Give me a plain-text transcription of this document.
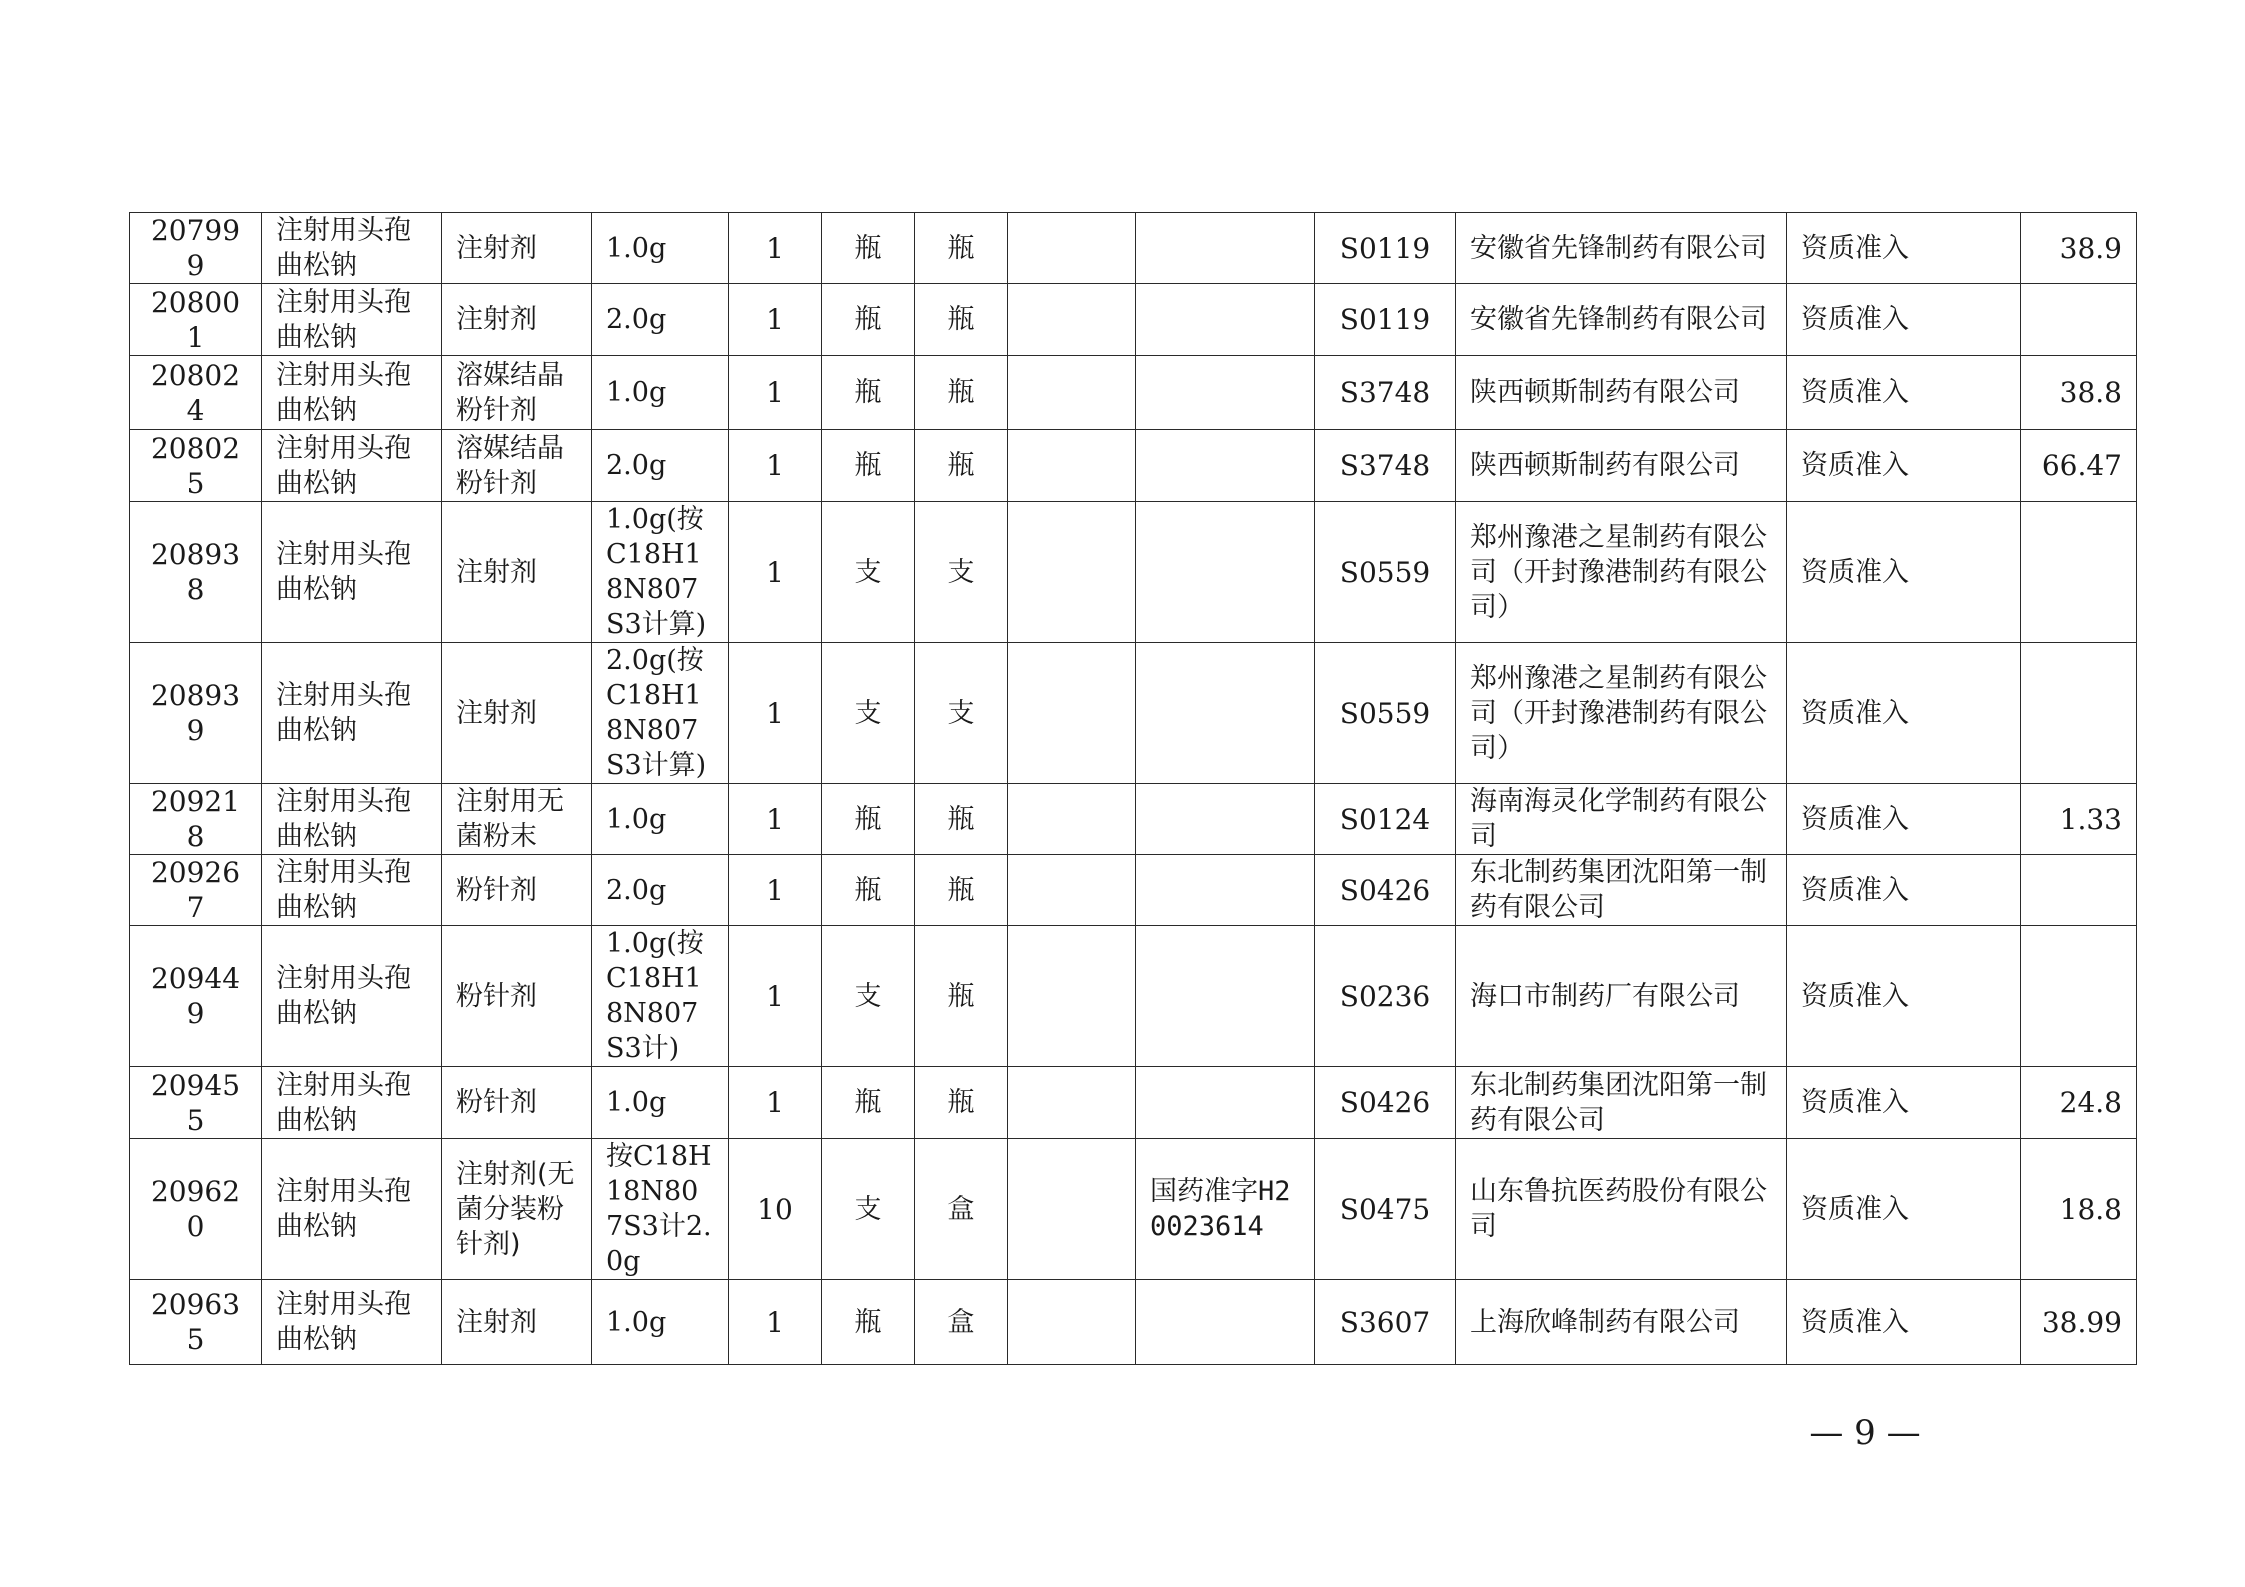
207999	注射用头孢曲松钠	注射剂	1.0g	1	瓶	瓶			S0119	安徽省先锋制药有限公司	资质准入	38.9
208001	注射用头孢曲松钠	注射剂	2.0g	1	瓶	瓶			S0119	安徽省先锋制药有限公司	资质准入	
208024	注射用头孢曲松钠	溶媒结晶粉针剂	1.0g	1	瓶	瓶			S3748	陕西顿斯制药有限公司	资质准入	38.8
208025	注射用头孢曲松钠	溶媒结晶粉针剂	2.0g	1	瓶	瓶			S3748	陕西顿斯制药有限公司	资质准入	66.47
208938	注射用头孢曲松钠	注射剂	1.0g(按C18H18N807S3计算)	1	支	支			S0559	郑州豫港之星制药有限公司（开封豫港制药有限公司）	资质准入	
208939	注射用头孢曲松钠	注射剂	2.0g(按C18H18N807S3计算)	1	支	支			S0559	郑州豫港之星制药有限公司（开封豫港制药有限公司）	资质准入	
209218	注射用头孢曲松钠	注射用无菌粉末	1.0g	1	瓶	瓶			S0124	海南海灵化学制药有限公司	资质准入	1.33
209267	注射用头孢曲松钠	粉针剂	2.0g	1	瓶	瓶			S0426	东北制药集团沈阳第一制药有限公司	资质准入	
209449	注射用头孢曲松钠	粉针剂	1.0g(按C18H18N807S3计)	1	支	瓶			S0236	海口市制药厂有限公司	资质准入	
209455	注射用头孢曲松钠	粉针剂	1.0g	1	瓶	瓶			S0426	东北制药集团沈阳第一制药有限公司	资质准入	24.8
209620	注射用头孢曲松钠	注射剂(无菌分装粉针剂)	按C18H18N807S3计2.0g	10	支	盒		国药准字H20023614	S0475	山东鲁抗医药股份有限公司	资质准入	18.8
209635	注射用头孢曲松钠	注射剂	1.0g	1	瓶	盒			S3607	上海欣峰制药有限公司	资质准入	38.99
— 9 —
